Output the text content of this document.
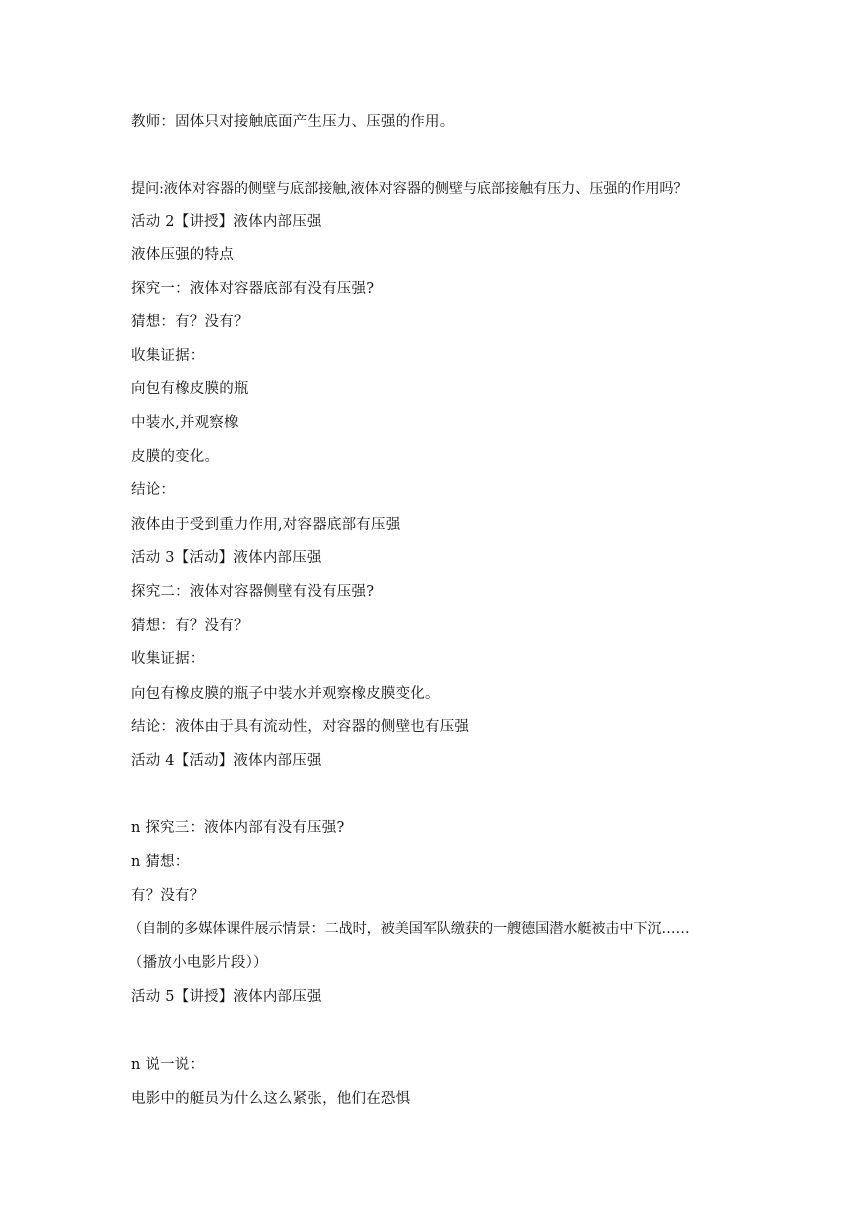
教师：固体只对接触底面产生压力、压强的作用。
提问:液体对容器的侧壁与底部接触,液体对容器的侧壁与底部接触有压力、压强的作用吗？
活动 2【讲授】液体内部压强
液体压强的特点
探究一：液体对容器底部有没有压强?
猜想：有？没有？
收集证据：
向包有橡皮膜的瓶
中装水,并观察橡
皮膜的变化。
结论：
液体由于受到重力作用,对容器底部有压强
活动 3【活动】液体内部压强
探究二：液体对容器侧壁有没有压强?
猜想：有？没有？
收集证据：
向包有橡皮膜的瓶子中装水并观察橡皮膜变化。
结论：液体由于具有流动性，对容器的侧壁也有压强
活动 4【活动】液体内部压强
n 探究三：液体内部有没有压强?
n 猜想：
有？没有？
（自制的多媒体课件展示情景：二战时，被美国军队缴获的一艘德国潜水艇被击中下沉……
（播放小电影片段））
活动 5【讲授】液体内部压强
n 说一说：
电影中的艇员为什么这么紧张，他们在恐惧
